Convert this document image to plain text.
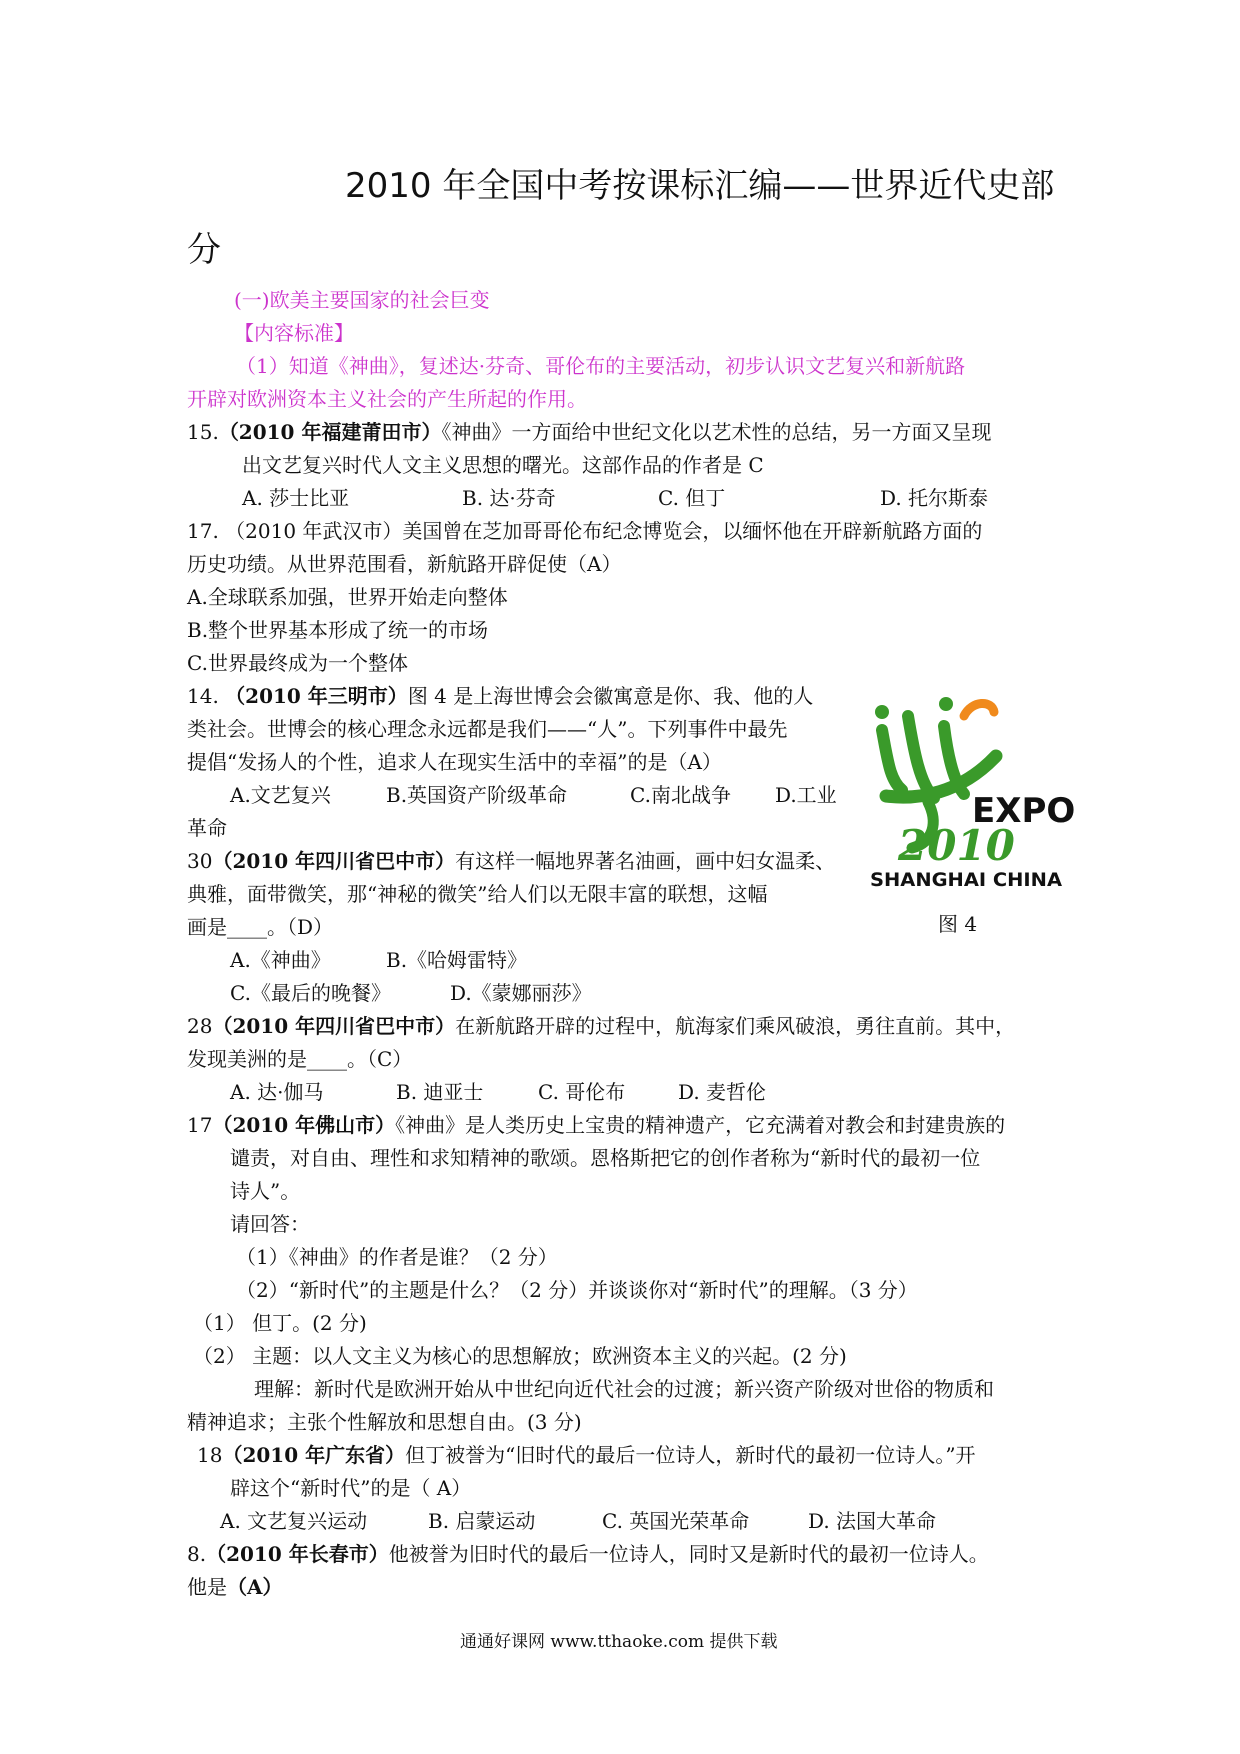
2010 年全国中考按课标汇编——世界近代史部
分
(一)欧美主要国家的社会巨变
【内容标准】
（1）知道《神曲》，复述达·芬奇、哥伦布的主要活动，初步认识文艺复兴和新航路
开辟对欧洲资本主义社会的产生所起的作用。
15.（2010 年福建莆田市）《神曲》一方面给中世纪文化以艺术性的总结，另一方面又呈现
出文艺复兴时代人文主义思想的曙光。这部作品的作者是 C
A. 莎士比亚	B. 达·芬奇	C. 但丁	D. 托尔斯泰
17. （2010 年武汉市）美国曾在芝加哥哥伦布纪念博览会，以缅怀他在开辟新航路方面的
历史功绩。从世界范围看，新航路开辟促使（A）
A.全球联系加强，世界开始走向整体
B.整个世界基本形成了统一的市场
C.世界最终成为一个整体
14. （2010 年三明市）图 4 是上海世博会会徽寓意是你、我、他的人
类社会。世博会的核心理念永远都是我们——“人”。下列事件中最先
提倡“发扬人的个性，追求人在现实生活中的幸福”的是（A）
A.文艺复兴	B.英国资产阶级革命	C.南北战争 D.工业
革命	EXPO
2010
SHANGHAI CHINA
图 4
30（2010 年四川省巴中市）有这样一幅地界著名油画，画中妇女温柔、
典雅，面带微笑，那“神秘的微笑”给人们以无限丰富的联想，这幅
画是____。（D）
A.《神曲》	B.《哈姆雷特》
C.《最后的晚餐》	D.《蒙娜丽莎》
28（2010 年四川省巴中市）在新航路开辟的过程中，航海家们乘风破浪，勇往直前。其中，
发现美洲的是____。（C）
A. 达·伽马	B. 迪亚士	C. 哥伦布	D. 麦哲伦
17（2010 年佛山市）《神曲》是人类历史上宝贵的精神遗产，它充满着对教会和封建贵族的
谴责，对自由、理性和求知精神的歌颂。恩格斯把它的创作者称为“新时代的最初一位
诗人”。
请回答：
（1）《神曲》的作者是谁？（2 分）
（2）“新时代”的主题是什么？（2 分）并谈谈你对“新时代”的理解。（3 分）
（1） 但丁。(2 分)
（2） 主题：以人文主义为核心的思想解放；欧洲资本主义的兴起。(2 分)
理解：新时代是欧洲开始从中世纪向近代社会的过渡；新兴资产阶级对世俗的物质和
精神追求；主张个性解放和思想自由。(3 分)
18（2010 年广东省）但丁被誉为“旧时代的最后一位诗人，新时代的最初一位诗人。”开
辟这个“新时代”的是（ A）
A. 文艺复兴运动	B. 启蒙运动	C. 英国光荣革命	D. 法国大革命
8.（2010 年长春市）他被誉为旧时代的最后一位诗人，同时又是新时代的最初一位诗人。
他是（A）
通通好课网 www.tthaoke.com 提供下载
